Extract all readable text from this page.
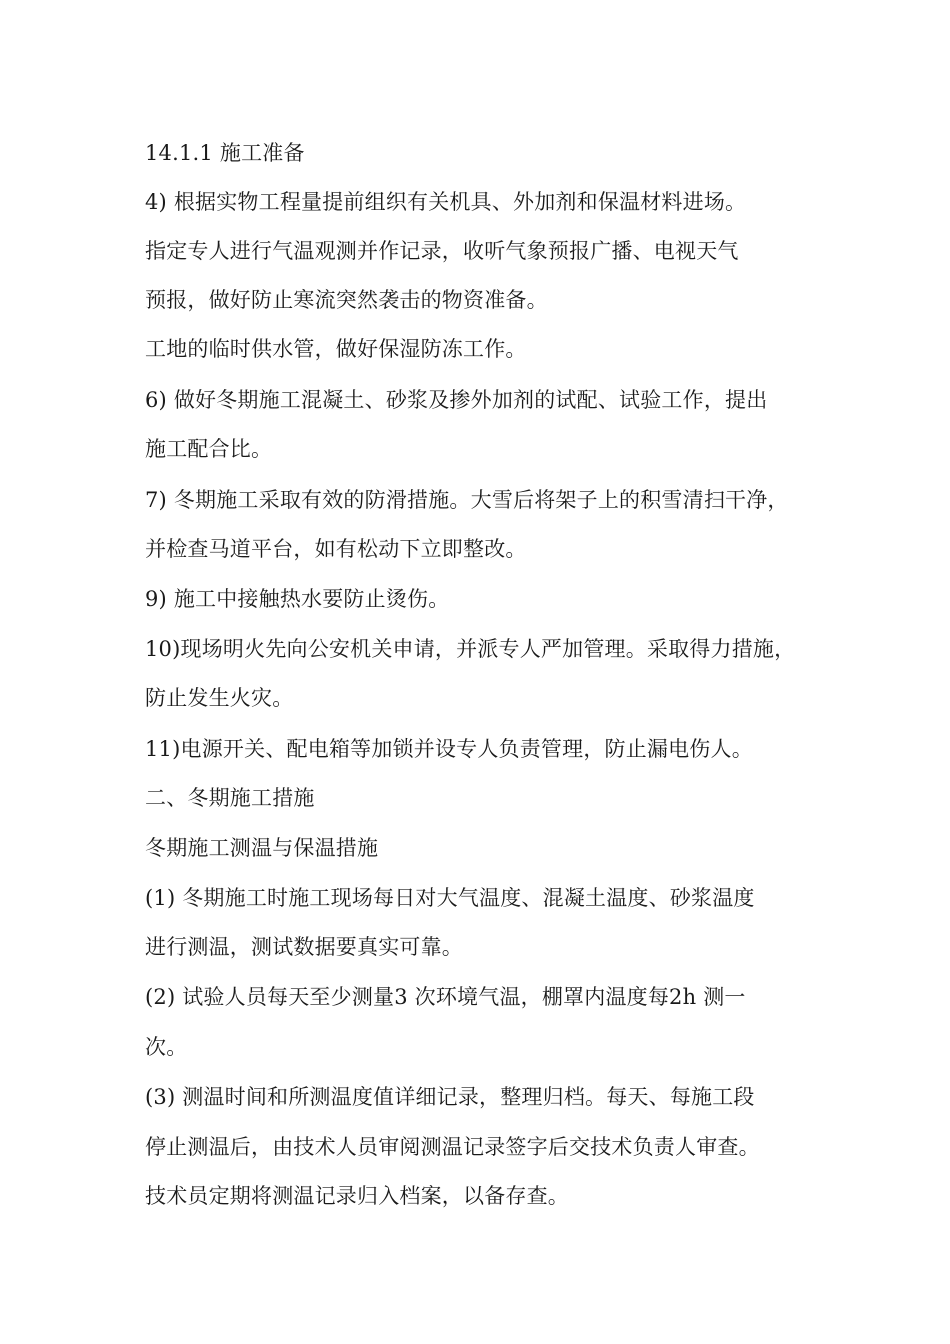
14.1.1 施工准备
4) 根据实物工程量提前组织有关机具、外加剂和保温材料进场。
指定专人进行气温观测并作记录，收听气象预报广播、电视天气
预报，做好防止寒流突然袭击的物资准备。
工地的临时供水管，做好保湿防冻工作。
6) 做好冬期施工混凝土、砂浆及掺外加剂的试配、试验工作，提出
施工配合比。
7) 冬期施工采取有效的防滑措施。大雪后将架子上的积雪清扫干净，
并检查马道平台，如有松动下立即整改。
9) 施工中接触热水要防止烫伤。
10)现场明火先向公安机关申请，并派专人严加管理。采取得力措施，
防止发生火灾。
11)电源开关、配电箱等加锁并设专人负责管理，防止漏电伤人。
二、冬期施工措施
冬期施工测温与保温措施
(1) 冬期施工时施工现场每日对大气温度、混凝土温度、砂浆温度
进行测温，测试数据要真实可靠。
(2) 试验人员每天至少测量3 次环境气温，棚罩内温度每2h 测一
次。
(3) 测温时间和所测温度值详细记录，整理归档。每天、每施工段
停止测温后，由技术人员审阅测温记录签字后交技术负责人审查。
技术员定期将测温记录归入档案，以备存查。
